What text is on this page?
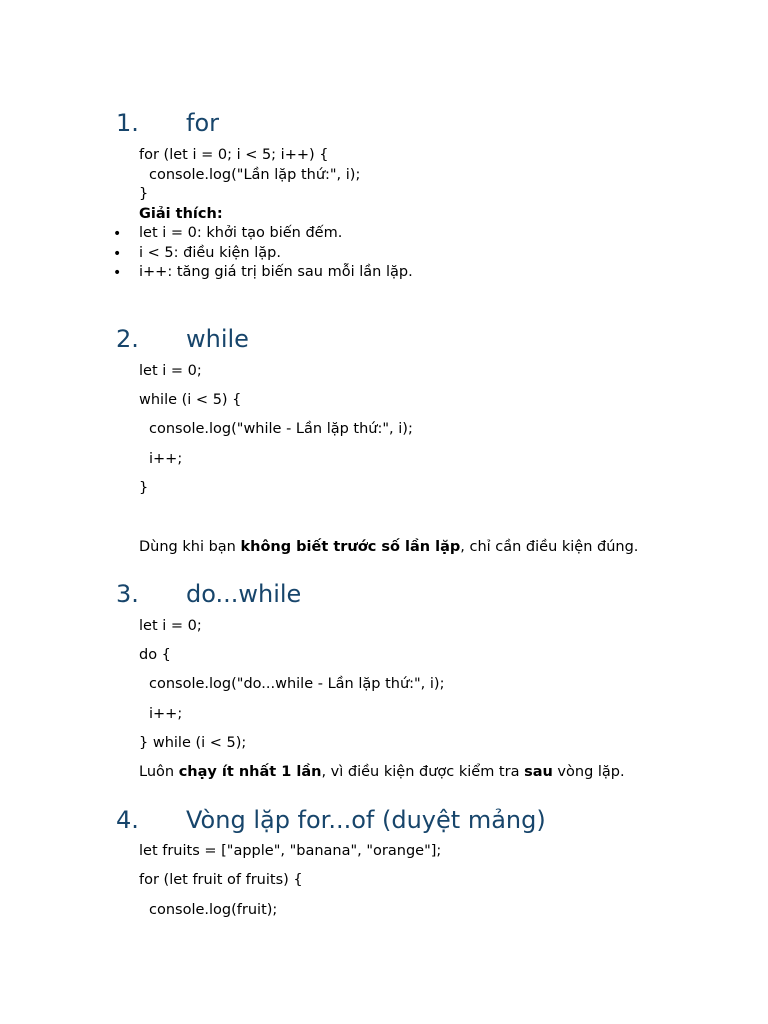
1. for
for (let i = 0; i < 5; i++) {
console.log("Lần lặp thứ:", i);
}
Giải thích:
• let i = 0: khởi tạo biến đếm.
• i < 5: điều kiện lặp.
• i++: tăng giá trị biến sau mỗi lần lặp.
2. while
let i = 0;
while (i < 5) {
console.log("while - Lần lặp thứ:", i);
i++;
}
Dùng khi bạn không biết trước số lần lặp, chỉ cần điều kiện đúng.
3. do...while
let i = 0;
do {
console.log("do...while - Lần lặp thứ:", i);
i++;
} while (i < 5);
Luôn chạy ít nhất 1 lần, vì điều kiện được kiểm tra sau vòng lặp.
4. Vòng lặp for...of (duyệt mảng)
let fruits = ["apple", "banana", "orange"];
for (let fruit of fruits) {
console.log(fruit);
